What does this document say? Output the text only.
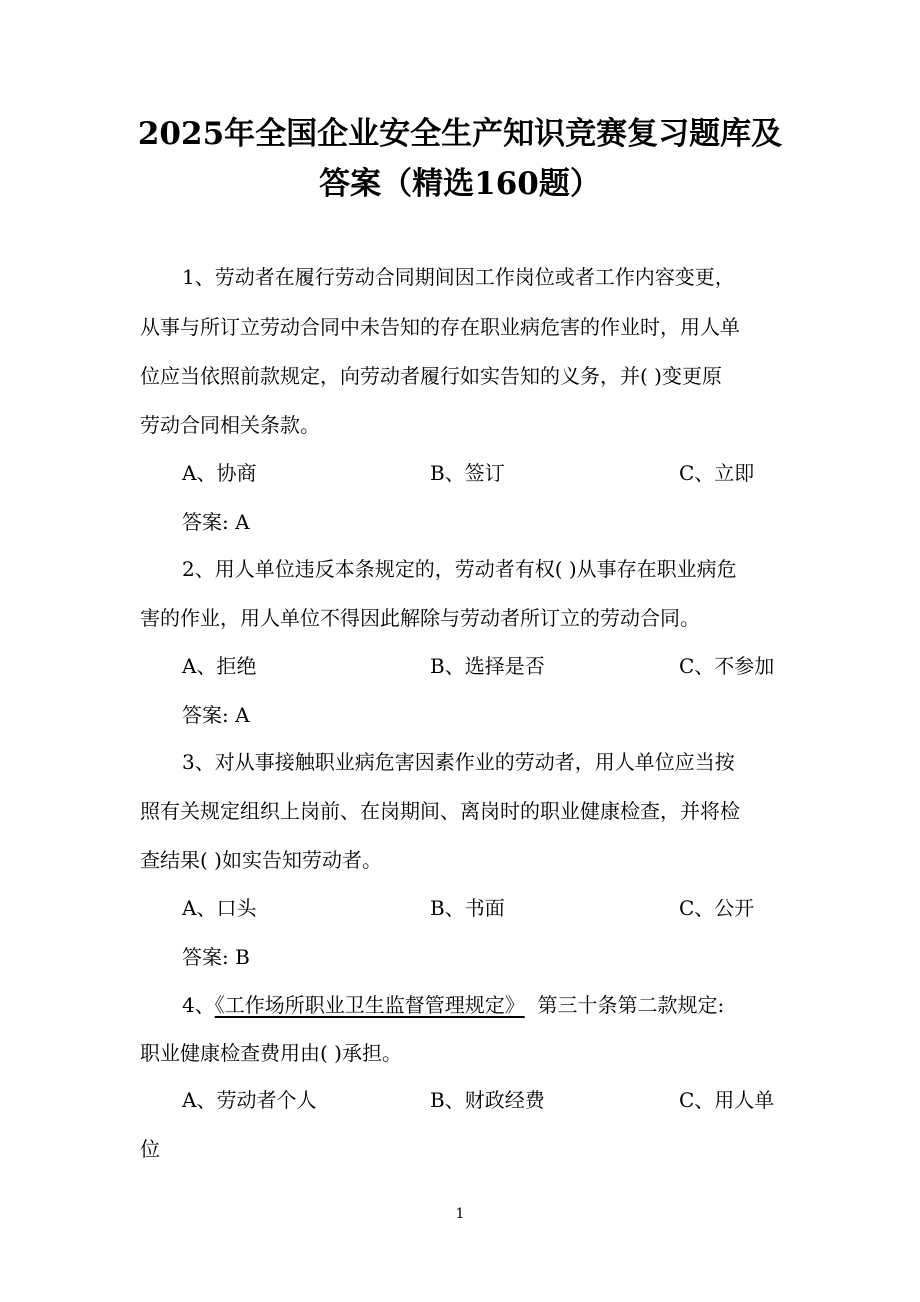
2025年全国企业安全生产知识竞赛复习题库及
答案（精选160题）

1、劳动者在履行劳动合同期间因工作岗位或者工作内容变更，

从事与所订立劳动合同中未告知的存在职业病危害的作业时，用人单

位应当依照前款规定，向劳动者履行如实告知的义务，并( )变更原

劳动合同相关条款。

A、协商	B、签订	C、立即

答案: A

2、用人单位违反本条规定的，劳动者有权( )从事存在职业病危

害的作业，用人单位不得因此解除与劳动者所订立的劳动合同。

A、拒绝	B、选择是否	C、不参加

答案: A

3、对从事接触职业病危害因素作业的劳动者，用人单位应当按

照有关规定组织上岗前、在岗期间、离岗时的职业健康检查，并将检

查结果( )如实告知劳动者。

A、口头	B、书面	C、公开

答案: B

4、《工作场所职业卫生监督管理规定》 第三十条第二款规定:

职业健康检查费用由( )承担。

A、劳动者个人	B、财政经费	C、用人单

位

1
